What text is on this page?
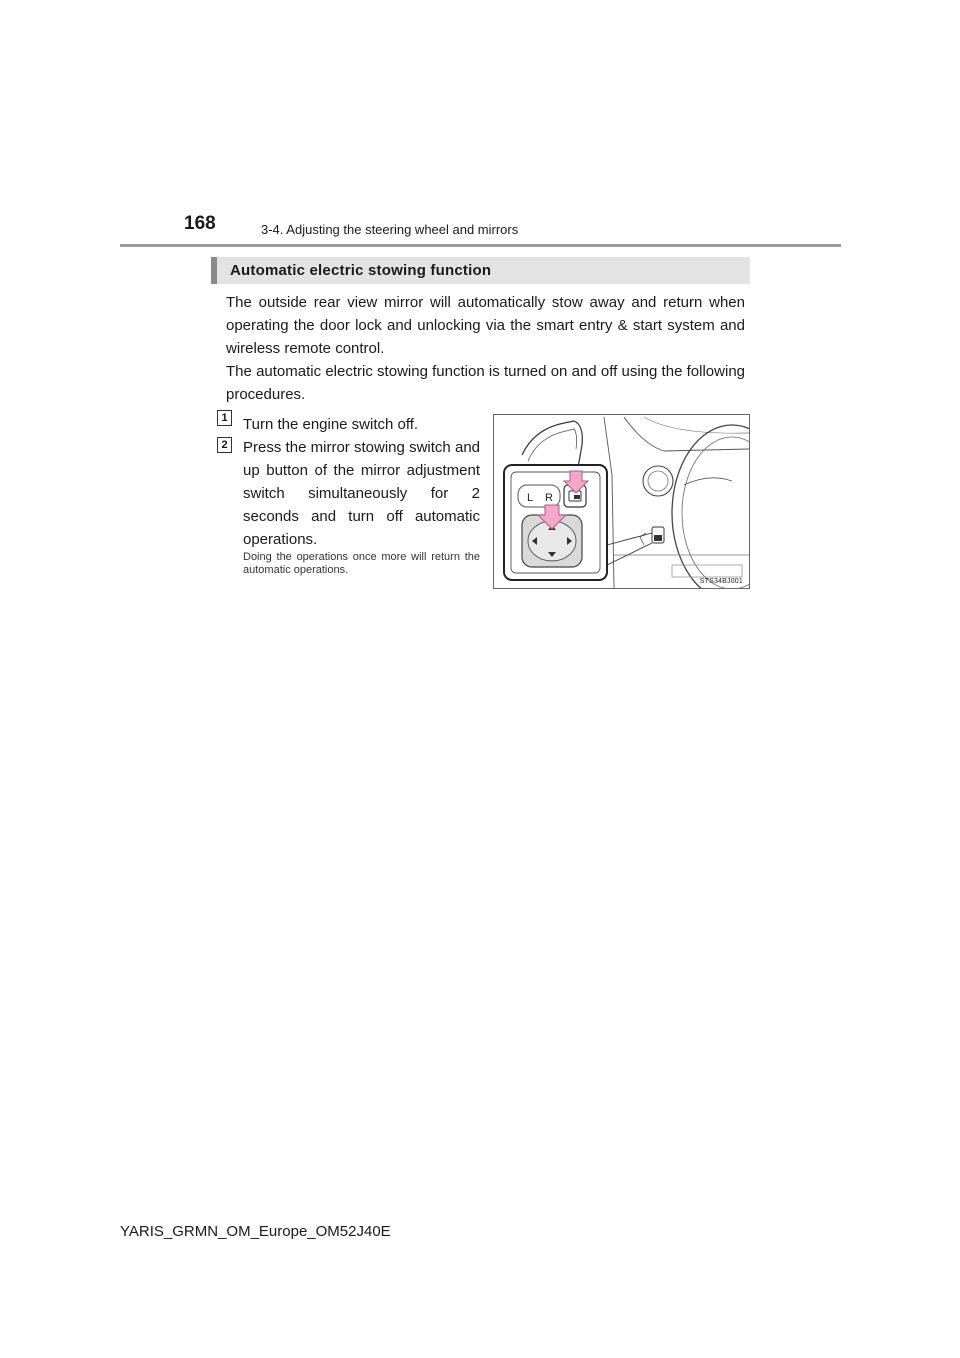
168	3-4. Adjusting the steering wheel and mirrors
Automatic electric stowing function

The outside rear view mirror will automatically stow away and return when operating the door lock and unlocking via the smart entry & start system and wireless remote control.

The automatic electric stowing function is turned on and off using the following procedures.

1 Turn the engine switch off.

2 Press the mirror stowing switch and up button of the mirror adjustment switch simultaneously for 2 seconds and turn off automatic operations.

Doing the operations once more will return the automatic operations.

L R
STS34BJ001
YARIS_GRMN_OM_Europe_OM52J40E
